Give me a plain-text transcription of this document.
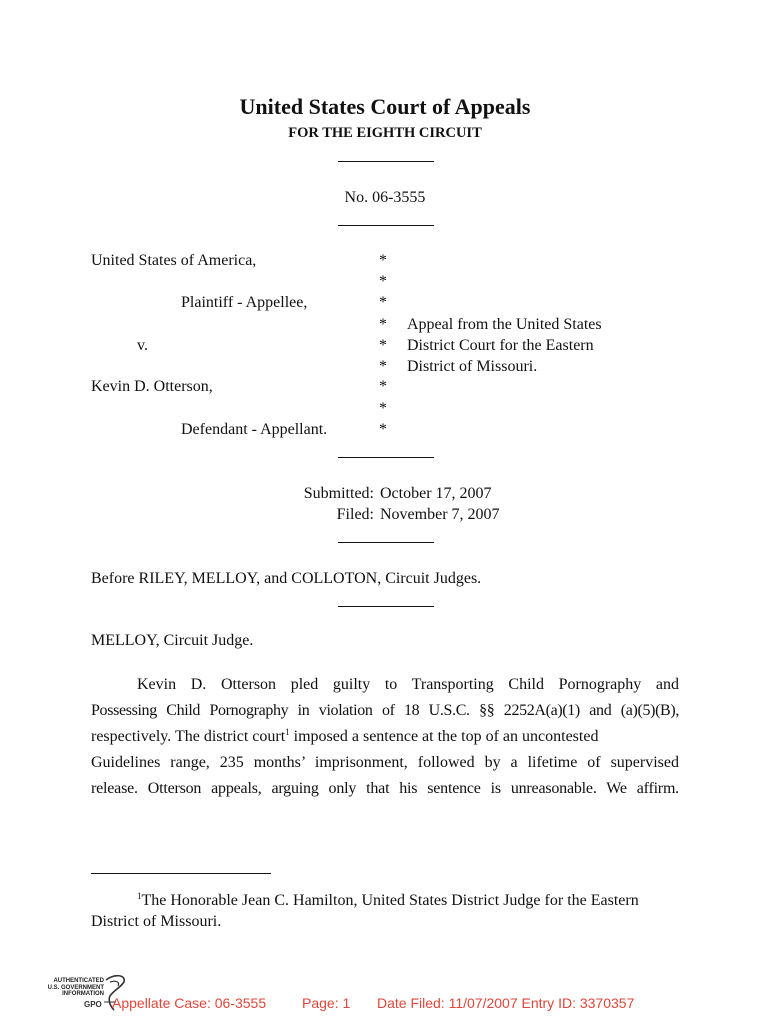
United States Court of Appeals
FOR THE EIGHTH CIRCUIT
No. 06-3555
United States of America,
Plaintiff - Appellee,
v.
Kevin D. Otterson,
Defendant - Appellant.
*
*
*
*
*
*
*
*
*
Appeal from the United States
District Court for the Eastern
District of Missouri.
Submitted: October 17, 2007
Filed: November 7, 2007
Before RILEY, MELLOY, and COLLOTON, Circuit Judges.
MELLOY, Circuit Judge.
Kevin D. Otterson pled guilty to Transporting Child Pornography and
Possessing Child Pornography in violation of 18 U.S.C. §§ 2252A(a)(1) and (a)(5)(B),
respectively. The district court$^1$ imposed a sentence at the top of an uncontested
Guidelines range, 235 months’ imprisonment, followed by a lifetime of supervised
release. Otterson appeals, arguing only that his sentence is unreasonable. We affirm.
$^1$The Honorable Jean C. Hamilton, United States District Judge for the Eastern
District of Missouri.
AUTHENTICATED
U.S. GOVERNMENT
INFORMATION
GPO Appellate Case: 06-3555	Page: 1 Date Filed: 11/07/2007 Entry ID: 3370357
